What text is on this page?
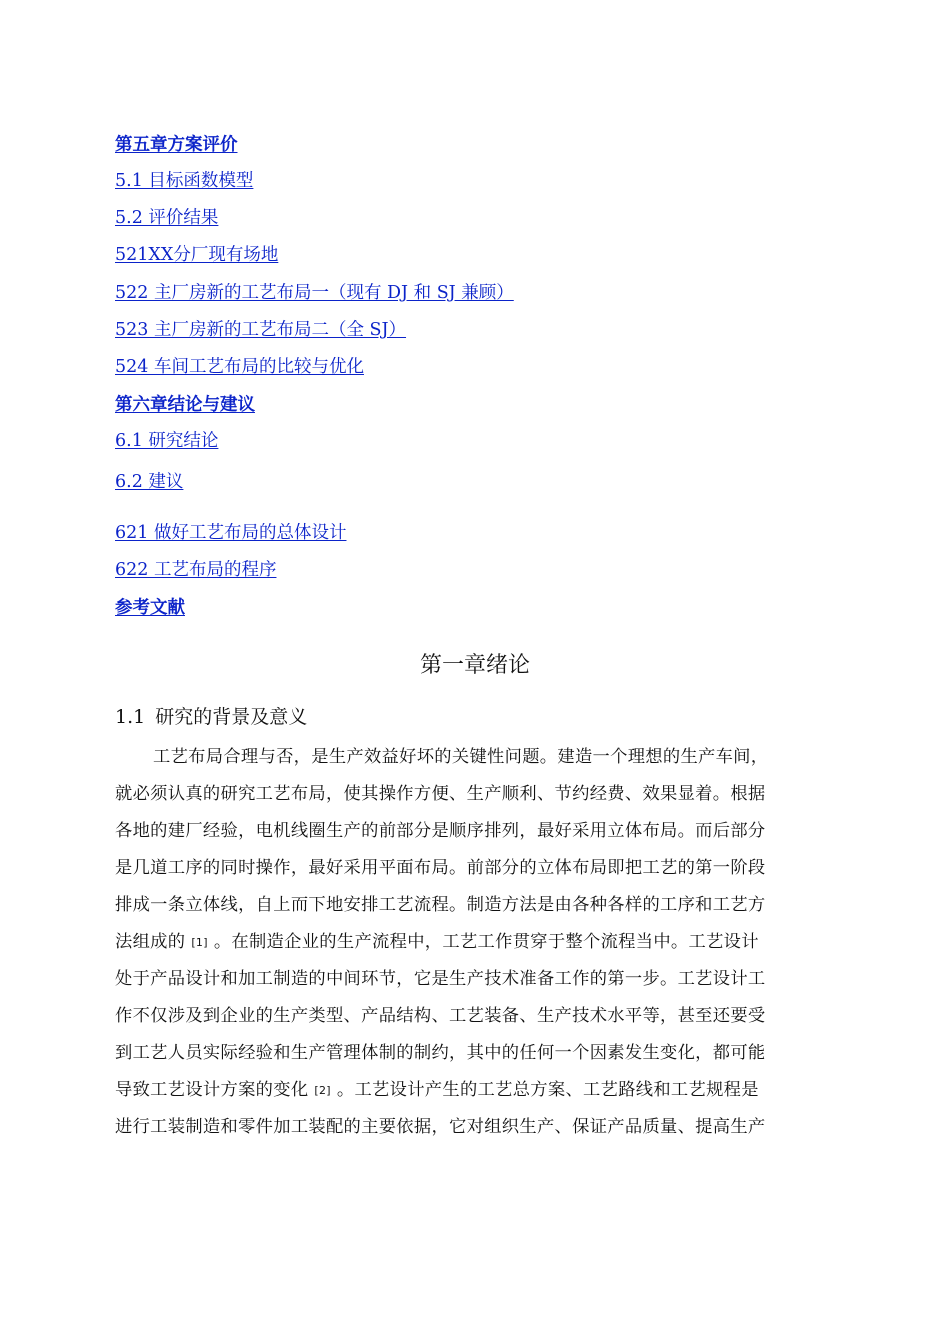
第五章方案评价
5.1 目标函数模型
5.2 评价结果
521XX分厂现有场地
522 主厂房新的工艺布局一（现有 DJ 和 SJ 兼顾）
523 主厂房新的工艺布局二（全 SJ）
524 车间工艺布局的比较与优化
第六章结论与建议
6.1 研究结论
6.2 建议
621 做好工艺布局的总体设计
622 工艺布局的程序
参考文献
第一章绪论
1.1 研究的背景及意义
工艺布局合理与否，是生产效益好坏的关键性问题。建造一个理想的生产车间，
就必须认真的研究工艺布局，使其操作方便、生产顺利、节约经费、效果显着。根据
各地的建厂经验，电机线圈生产的前部分是顺序排列，最好采用立体布局。而后部分
是几道工序的同时操作，最好采用平面布局。前部分的立体布局即把工艺的第一阶段
排成一条立体线，自上而下地安排工艺流程。制造方法是由各种各样的工序和工艺方
法组成的 [1] 。在制造企业的生产流程中，工艺工作贯穿于整个流程当中。工艺设计
处于产品设计和加工制造的中间环节，它是生产技术准备工作的第一步。工艺设计工
作不仅涉及到企业的生产类型、产品结构、工艺装备、生产技术水平等，甚至还要受
到工艺人员实际经验和生产管理体制的制约，其中的任何一个因素发生变化，都可能
导致工艺设计方案的变化 [2] 。工艺设计产生的工艺总方案、工艺路线和工艺规程是
进行工装制造和零件加工装配的主要依据，它对组织生产、保证产品质量、提高生产
